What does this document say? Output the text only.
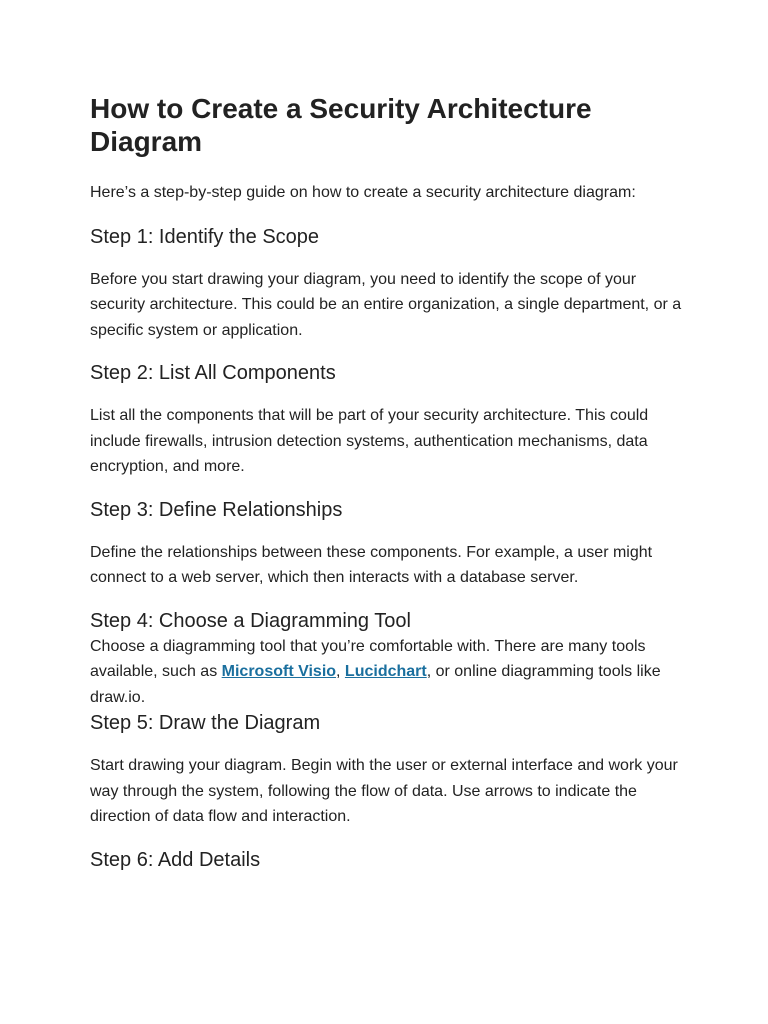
How to Create a Security Architecture Diagram

Here’s a step-by-step guide on how to create a security architecture diagram:

Step 1: Identify the Scope

Before you start drawing your diagram, you need to identify the scope of your security architecture. This could be an entire organization, a single department, or a specific system or application.

Step 2: List All Components

List all the components that will be part of your security architecture. This could include firewalls, intrusion detection systems, authentication mechanisms, data encryption, and more.

Step 3: Define Relationships

Define the relationships between these components. For example, a user might connect to a web server, which then interacts with a database server.

Step 4: Choose a Diagramming Tool

Choose a diagramming tool that you’re comfortable with. There are many tools available, such as Microsoft Visio, Lucidchart, or online diagramming tools like draw.io.

Step 5: Draw the Diagram

Start drawing your diagram. Begin with the user or external interface and work your way through the system, following the flow of data. Use arrows to indicate the direction of data flow and interaction.

Step 6: Add Details
